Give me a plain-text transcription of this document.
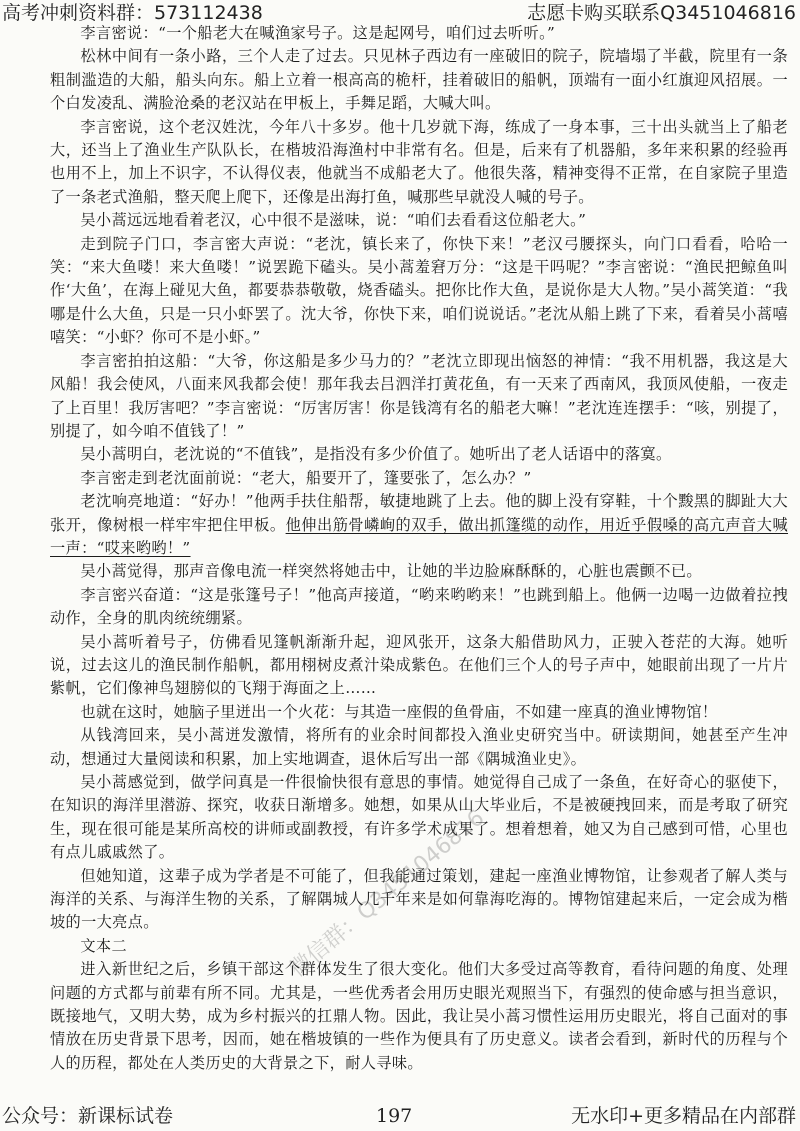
高考冲刺资料群：573112438	志愿卡购买联系Q3451046816

李言密说：“一个船老大在喊渔家号子。这是起网号，咱们过去听听。”

松林中间有一条小路，三个人走了过去。只见林子西边有一座破旧的院子，院墙塌了半截，院里有一条粗制滥造的大船，船头向东。船上立着一根高高的桅杆，挂着破旧的船帆，顶端有一面小红旗迎风招展。一个白发凌乱、满脸沧桑的老汉站在甲板上，手舞足蹈，大喊大叫。

李言密说，这个老汉姓沈，今年八十多岁。他十几岁就下海，练成了一身本事，三十出头就当上了船老大，还当上了渔业生产队队长，在楷坡沿海渔村中非常有名。但是，后来有了机器船，多年来积累的经验再也用不上，加上不识字，不认得仪表，他就当不成船老大了。他很失落，精神变得不正常，在自家院子里造了一条老式渔船，整天爬上爬下，还像是出海打鱼，喊那些早就没人喊的号子。

吴小蒿远远地看着老汉，心中很不是滋味，说：“咱们去看看这位船老大。”

走到院子门口，李言密大声说：“老沈，镇长来了，你快下来！”老汉弓腰探头，向门口看看，哈哈一笑：“来大鱼喽！来大鱼喽！”说罢跪下磕头。吴小蒿羞窘万分：“这是干吗呢？”李言密说：“渔民把鲸鱼叫作‘大鱼’，在海上碰见大鱼，都要恭恭敬敬，烧香磕头。把你比作大鱼，是说你是大人物。”吴小蒿笑道：“我哪是什么大鱼，只是一只小虾罢了。沈大爷，你快下来，咱们说说话。”老沈从船上跳了下来，看着吴小蒿嘻嘻笑：“小虾？你可不是小虾。”

李言密拍拍这船：“大爷，你这船是多少马力的？”老沈立即现出恼怒的神情：“我不用机器，我这是大风船！我会使风，八面来风我都会使！那年我去吕泗洋打黄花鱼，有一天来了西南风，我顶风使船，一夜走了上百里！我厉害吧？”李言密说：“厉害厉害！你是钱湾有名的船老大嘛！”老沈连连摆手：“咳，别提了，别提了，如今咱不值钱了！”

吴小蒿明白，老沈说的“不值钱”，是指没有多少价值了。她听出了老人话语中的落寞。

李言密走到老沈面前说：“老大，船要开了，篷要张了，怎么办？”

老沈响亮地道：“好办！”他两手扶住船帮，敏捷地跳了上去。他的脚上没有穿鞋，十个黢黑的脚趾大大张开，像树根一样牢牢把住甲板。他伸出筋骨嶙峋的双手，做出抓篷缆的动作，用近乎假嗓的高亢声音大喊一声：“哎来哟哟！”

吴小蒿觉得，那声音像电流一样突然将她击中，让她的半边脸麻酥酥的，心脏也震颤不已。

李言密兴奋道：“这是张篷号子！”他高声接道，“哟来哟哟来！”也跳到船上。他俩一边喝一边做着拉拽动作，全身的肌肉统统绷紧。

吴小蒿听着号子，仿佛看见篷帆渐渐升起，迎风张开，这条大船借助风力，正驶入苍茫的大海。她听说，过去这儿的渔民制作船帆，都用栩树皮煮汁染成紫色。在他们三个人的号子声中，她眼前出现了一片片紫帆，它们像神鸟翅膀似的飞翔于海面之上……

也就在这时，她脑子里迸出一个火花：与其造一座假的鱼骨庙，不如建一座真的渔业博物馆！

从钱湾回来，吴小蒿迸发激情，将所有的业余时间都投入渔业史研究当中。研读期间，她甚至产生冲动，想通过大量阅读和积累，加上实地调查，退休后写出一部《隅城渔业史》。

吴小蒿感觉到，做学问真是一件很愉快很有意思的事情。她觉得自己成了一条鱼，在好奇心的驱使下，在知识的海洋里潜游、探究，收获日渐增多。她想，如果从山大毕业后，不是被硬拽回来，而是考取了研究生，现在很可能是某所高校的讲师或副教授，有许多学术成果了。想着想着，她又为自己感到可惜，心里也有点儿戚戚然了。

但她知道，这辈子成为学者是不可能了，但我能通过策划，建起一座渔业博物馆，让参观者了解人类与海洋的关系、与海洋生物的关系，了解隅城人几千年来是如何靠海吃海的。博物馆建起来后，一定会成为楷坡的一大亮点。

文本二

进入新世纪之后，乡镇干部这个群体发生了很大变化。他们大多受过高等教育，看待问题的角度、处理问题的方式都与前辈有所不同。尤其是，一些优秀者会用历史眼光观照当下，有强烈的使命感与担当意识，既接地气，又明大势，成为乡村振兴的扛鼎人物。因此，我让吴小蒿习惯性运用历史眼光，将自己面对的事情放在历史背景下思考，因而，她在楷坡镇的一些作为便具有了历史意义。读者会看到，新时代的历程与个人的历程，都处在人类历史的大背景之下，耐人寻味。

微信群：Q3451046816
公众号：新课标试卷	197	无水印+更多精品在内部群
